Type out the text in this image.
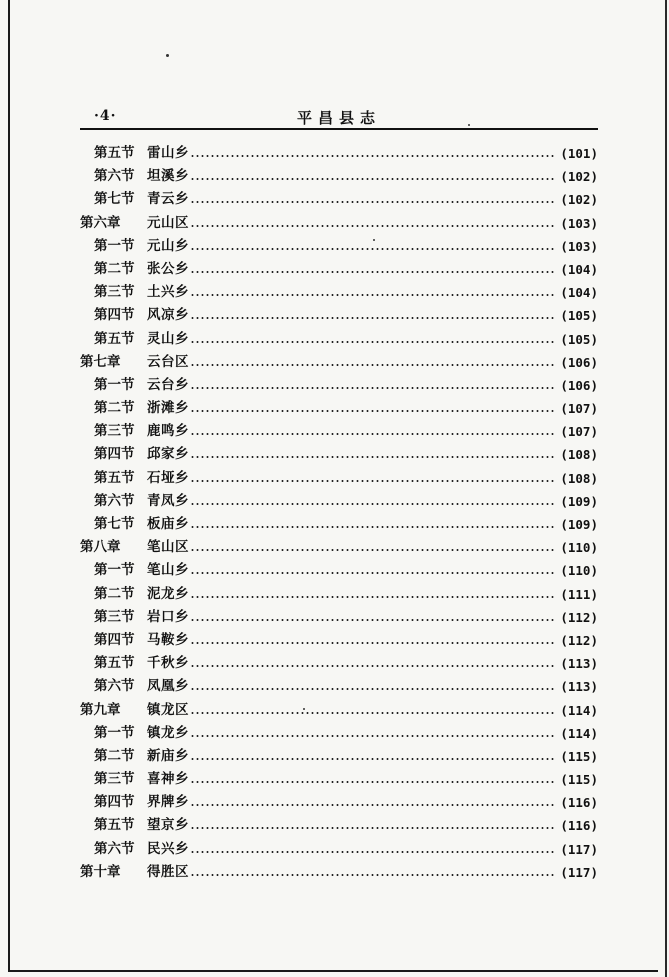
·4·	平昌县志
第五节 雷山乡	(101)
第六节 坦溪乡	(102)
第七节 青云乡	(102)
第六章 元山区	(103)
第一节 元山乡	(103)
第二节 张公乡	(104)
第三节 土兴乡	(104)
第四节 风凉乡	(105)
第五节 灵山乡	(105)
第七章 云台区	(106)
第一节 云台乡	(106)
第二节 浙滩乡	(107)
第三节 鹿鸣乡	(107)
第四节 邱家乡	(108)
第五节 石垭乡	(108)
第六节 青凤乡	(109)
第七节 板庙乡	(109)
第八章 笔山区	(110)
第一节 笔山乡	(110)
第二节 泥龙乡	(111)
第三节 岩口乡	(112)
第四节 马鞍乡	(112)
第五节 千秋乡	(113)
第六节 凤凰乡	(113)
第九章 镇龙区	(114)
第一节 镇龙乡	(114)
第二节 新庙乡	(115)
第三节 喜神乡	(115)
第四节 界牌乡	(116)
第五节 望京乡	(116)
第六节 民兴乡	(117)
第十章 得胜区	(117)
